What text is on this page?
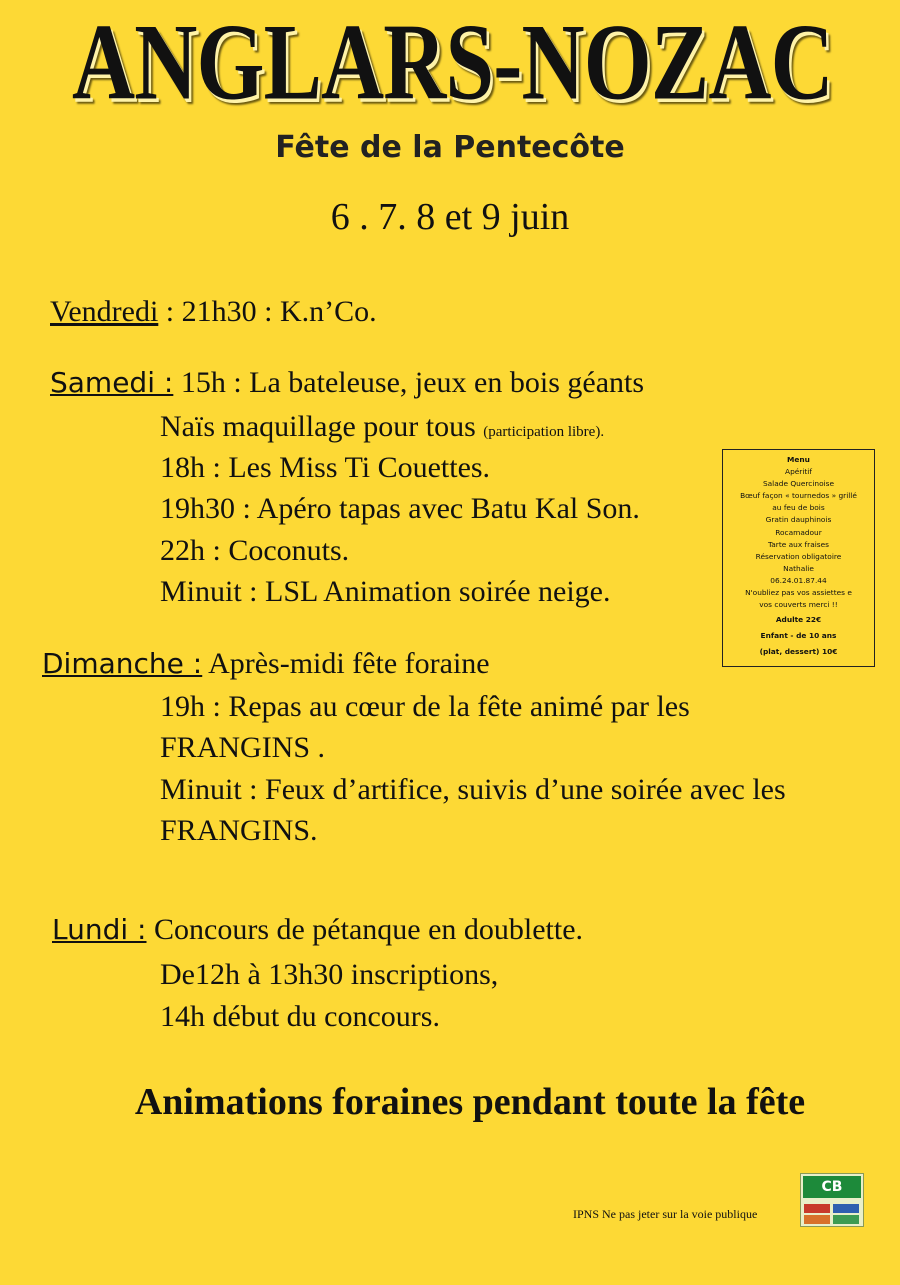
ANGLARS-NOZAC
Fête de la Pentecôte
6 . 7. 8 et 9 juin
Vendredi : 21h30 : K.n’Co.
Samedi : 15h : La bateleuse, jeux en bois géants
Naïs maquillage pour tous (participation libre).
18h : Les Miss Ti Couettes.
19h30 : Apéro tapas avec Batu Kal Son.
22h : Coconuts.
Minuit : LSL Animation soirée neige.
Menu
Apéritif
Salade Quercinoise
Bœuf façon « tournedos » grillé
au feu de bois
Gratin dauphinois
Rocamadour
Tarte aux fraises
Réservation obligatoire
Nathalie
06.24.01.87.44
N'oubliez pas vos assiettes e
vos couverts merci !!
Adulte 22€
Enfant - de 10 ans
(plat, dessert) 10€
Dimanche : Après-midi fête foraine
19h : Repas au cœur de la fête animé par les
FRANGINS .
Minuit : Feux d’artifice, suivis d’une soirée avec les
FRANGINS.
Lundi : Concours de pétanque en doublette.
De12h à 13h30 inscriptions,
14h début du concours.
Animations foraines pendant toute la fête
IPNS Ne pas jeter sur la voie publique
CB
